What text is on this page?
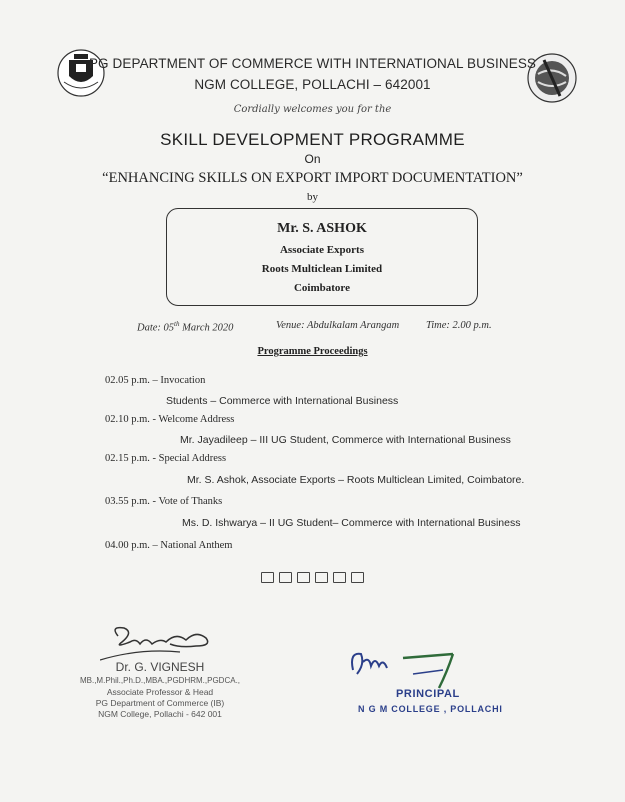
PG DEPARTMENT OF COMMERCE WITH INTERNATIONAL BUSINESS
NGM COLLEGE, POLLACHI – 642001
Cordially welcomes you for the
SKILL DEVELOPMENT PROGRAMME
On
“ENHANCING SKILLS ON EXPORT IMPORT DOCUMENTATION”
by
Mr. S. ASHOK
Associate Exports
Roots Multiclean Limited
Coimbatore
Date: 05th March 2020	Venue: Abdulkalam Arangam	Time: 2.00 p.m.
Programme Proceedings
02.05 p.m. – Invocation
Students – Commerce with International Business
02.10 p.m. - Welcome Address
Mr. Jayadileep – III UG Student, Commerce with International Business
02.15 p.m. - Special Address
Mr. S. Ashok, Associate Exports – Roots Multiclean Limited, Coimbatore.
03.55 p.m. - Vote of Thanks
Ms. D. Ishwarya – II UG Student– Commerce with International Business
04.00 p.m. – National Anthem
Dr. G. VIGNESH
MB.,M.Phil.,Ph.D.,MBA.,PGDHRM.,PGDCA.,
Associate Professor & Head
PG Department of Commerce (IB)
NGM College, Pollachi - 642 001
PRINCIPAL
N G M COLLEGE , POLLACHI
